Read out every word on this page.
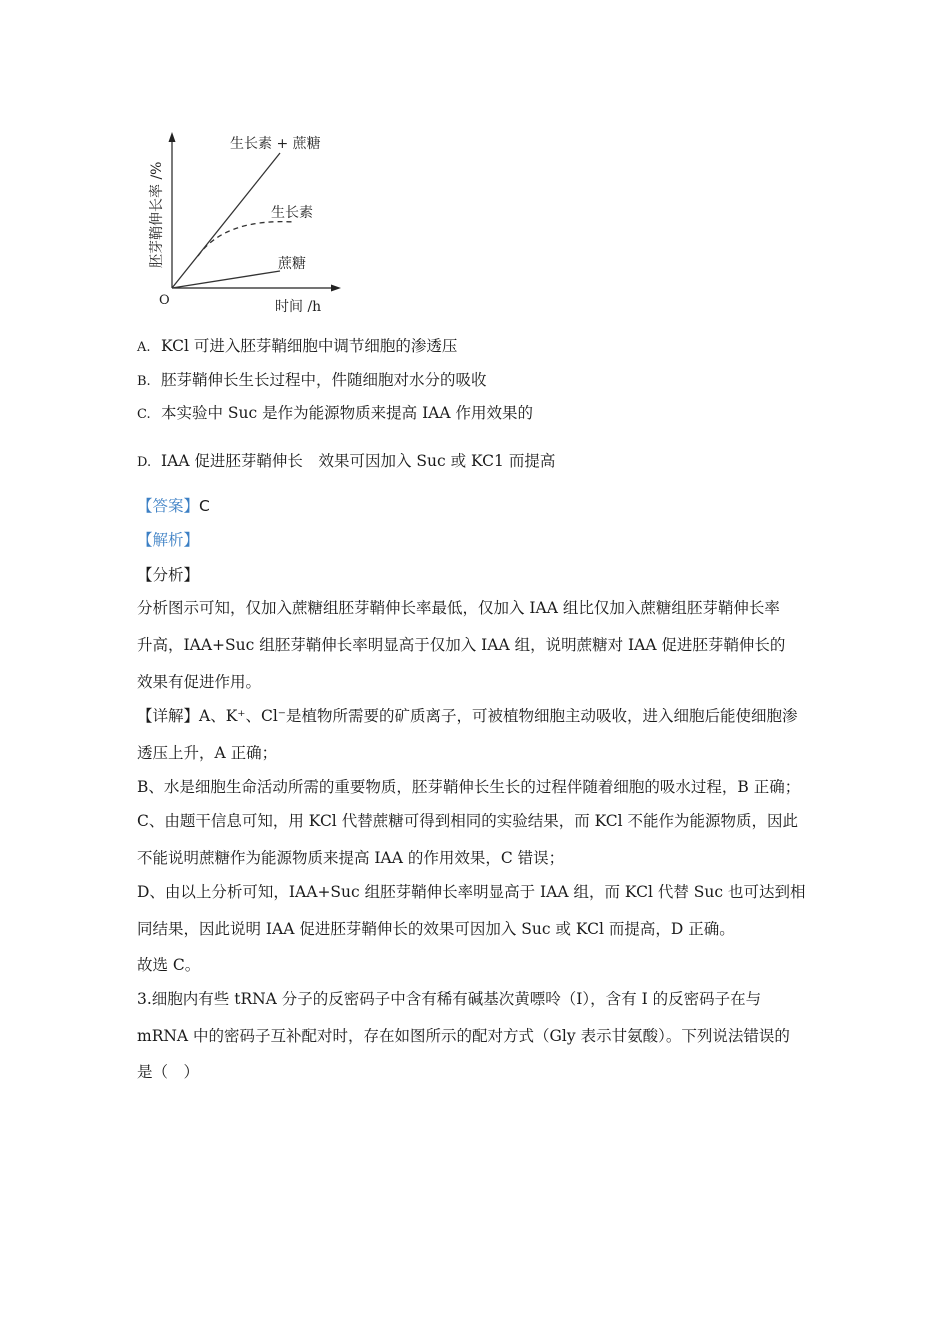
生长素 + 蔗糖
生长素
蔗糖
O	时间 /h
胚芽鞘伸长率 /%
A. KCl 可进入胚芽鞘细胞中调节细胞的渗透压
B. 胚芽鞘伸长生长过程中，件随细胞对水分的吸收
C. 本实验中 Suc 是作为能源物质来提高 IAA 作用效果的
D. IAA 促进胚芽鞘伸长　效果可因加入 Suc 或 KC1 而提高
【答案】C
【解析】
【分析】
分析图示可知，仅加入蔗糖组胚芽鞘伸长率最低，仅加入 IAA 组比仅加入蔗糖组胚芽鞘伸长率
升高，IAA+Suc 组胚芽鞘伸长率明显高于仅加入 IAA 组，说明蔗糖对 IAA 促进胚芽鞘伸长的
效果有促进作用。
【详解】A、K⁺、Cl⁻是植物所需要的矿质离子，可被植物细胞主动吸收，进入细胞后能使细胞渗
透压上升，A 正确；
B、水是细胞生命活动所需的重要物质，胚芽鞘伸长生长的过程伴随着细胞的吸水过程，B 正确；
C、由题干信息可知，用 KCl 代替蔗糖可得到相同的实验结果，而 KCl 不能作为能源物质，因此
不能说明蔗糖作为能源物质来提高 IAA 的作用效果，C 错误；
D、由以上分析可知，IAA+Suc 组胚芽鞘伸长率明显高于 IAA 组，而 KCl 代替 Suc 也可达到相
同结果，因此说明 IAA 促进胚芽鞘伸长的效果可因加入 Suc 或 KCl 而提高，D 正确。
故选 C。
3.细胞内有些 tRNA 分子的反密码子中含有稀有碱基次黄嘌呤（I），含有 I 的反密码子在与
mRNA 中的密码子互补配对时，存在如图所示的配对方式（Gly 表示甘氨酸）。下列说法错误的
是（　）
